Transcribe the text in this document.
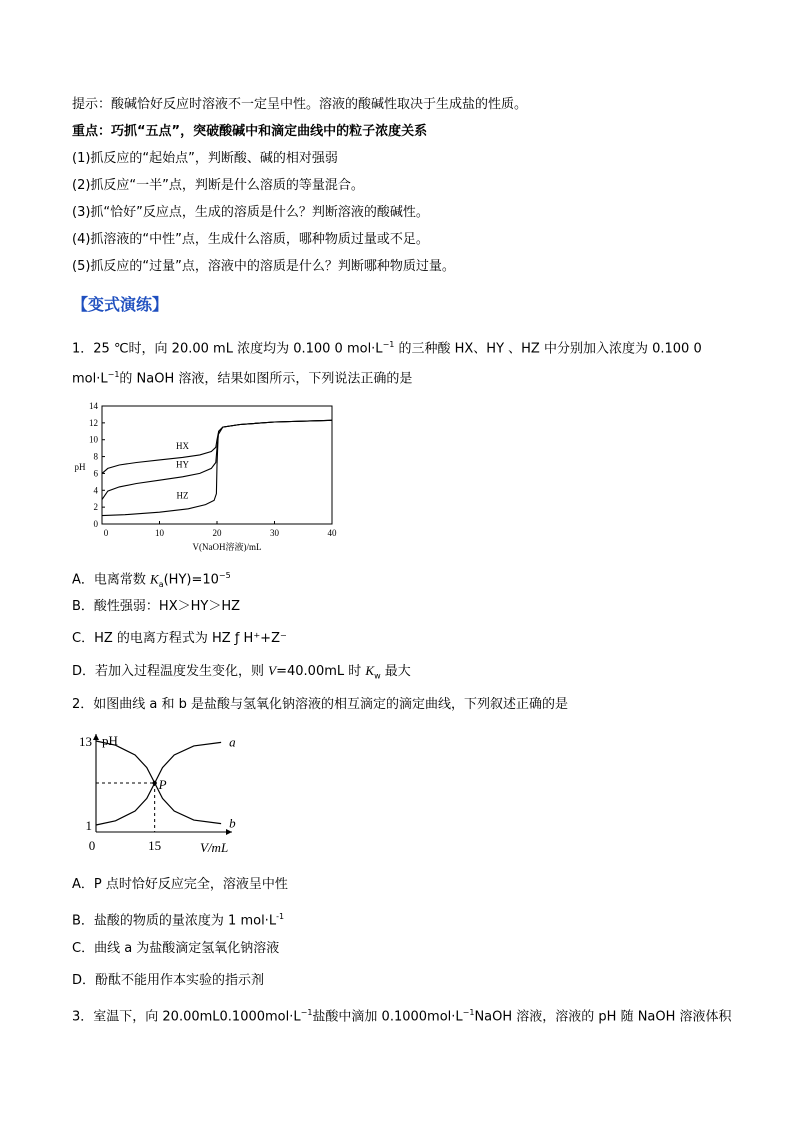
提示：酸碱恰好反应时溶液不一定呈中性。溶液的酸碱性取决于生成盐的性质。
重点：巧抓“五点”，突破酸碱中和滴定曲线中的粒子浓度关系
(1)抓反应的“起始点”，判断酸、碱的相对强弱
(2)抓反应“一半”点，判断是什么溶质的等量混合。
(3)抓“恰好”反应点，生成的溶质是什么？判断溶液的酸碱性。
(4)抓溶液的“中性”点，生成什么溶质，哪种物质过量或不足。
(5)抓反应的“过量”点，溶液中的溶质是什么？判断哪种物质过量。
【变式演练】
1．25 ℃时，向 20.00 mL 浓度均为 0.100 0 $mol\cdot L^{-1}$ 的三种酸 HX、HY 、HZ 中分别加入浓度为 0.100 0
$mol\cdot L^{-1}$的 NaOH 溶液，结果如图所示，下列说法正确的是
0
2
4
6
8
10
12
14
10	20	30	40
0
pH
V(NaOH溶液)/mL
HX
HY
HZ
A．电离常数 $K_a(HY)=10^{-5}$
B．酸性强弱：HX＞HY＞HZ
C．HZ 的电离方程式为 HZ ƒ H⁺+Z⁻
D．若加入过程温度发生变化，则 V=40.00mL 时 $K_w$ 最大
2．如图曲线 a 和 b 是盐酸与氢氧化钠溶液的相互滴定的滴定曲线，下列叙述正确的是
pH
V/mL
13
1
0	15
a
b
P
A．P 点时恰好反应完全，溶液呈中性
B．盐酸的物质的量浓度为 1 $mol\cdot L^{-1}$
C．曲线 a 为盐酸滴定氢氧化钠溶液
D．酚酞不能用作本实验的指示剂
3．室温下，向 $20.00mL0.1000mol\cdot L^{-1}$盐酸中滴加 $0.1000mol\cdot L^{-1}NaOH$ 溶液，溶液的 pH 随 NaOH 溶液体积
